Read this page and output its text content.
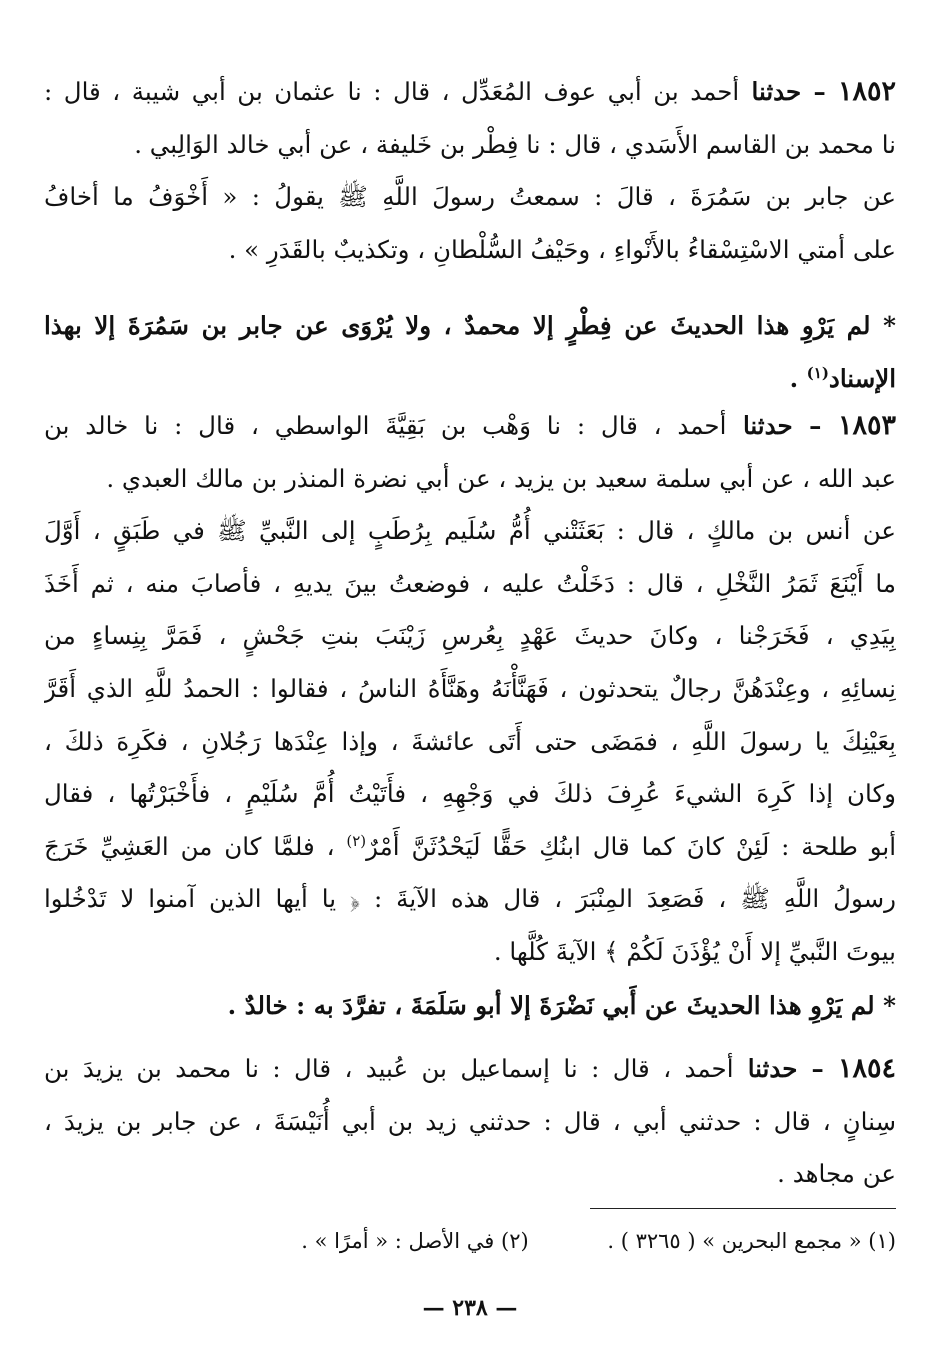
١٨٥٢ – حدثنا أحمد بن أبي عوف المُعَدِّل ، قال : نا عثمان بن أبي شيبة ، قال :
نا محمد بن القاسم الأَسَدي ، قال : نا فِطْر بن خَليفة ، عن أبي خالد الوَالِبي .
عن جابر بن سَمُرَةَ ، قالَ : سمعتُ رسولَ اللَّهِ ﷺ يقولُ : « أَخْوَفُ ما أخافُ
على أمتي الاسْتِسْقاءُ بالأَنْواءِ ، وحَيْفُ السُّلْطانِ ، وتكذيبٌ بالقَدَرِ » .
* لم يَرْوِ هذا الحديثَ عن فِطْرٍ إلا محمدٌ ، ولا يُرْوَى عن جابر بن سَمُرَةَ إلا بهذا
الإسناد$^{(١)}$ .
١٨٥٣ – حدثنا أحمد ، قال : نا وَهْب بن بَقِيَّةَ الواسطي ، قال : نا خالد بن
عبد الله ، عن أبي سلمة سعيد بن يزيد ، عن أبي نضرة المنذر بن مالك العبدي .
عن أنس بن مالكٍ ، قال : بَعَثَتْني أُمُّ سُلَيم بِرُطَبٍ إلى النَّبيِّ ﷺ في طَبَقٍ ، أَوَّلَ
ما أَيْنَعَ ثَمَرُ النَّخْلِ ، قال : دَخَلْتُ عليه ، فوضعتُ بينَ يديهِ ، فأصابَ منه ، ثم أَخَذَ
بِيَدِي ، فَخَرَجْنا ، وكانَ حديثَ عَهْدٍ بِعُرسِ زَيْنَبَ بنتِ جَحْشٍ ، فَمَرَّ بِنِساءٍ من
نِسائِهِ ، وعِنْدَهُنَّ رجالٌ يتحدثون ، فَهَنَّأْنَهُ وهَنَّأَهُ الناسُ ، فقالوا : الحمدُ للَّهِ الذي أَقَرَّ
بِعَيْنِكَ يا رسولَ اللَّهِ ، فمَضَى حتى أَتَى عائشةَ ، وإذا عِنْدَها رَجُلانِ ، فكَرِهَ ذلكَ ،
وكان إذا كَرِهَ الشيءَ عُرِفَ ذلكَ في وَجْهِهِ ، فأَتَيْتُ أُمَّ سُلَيْمٍ ، فأَخْبَرْتُها ، فقال
أبو طلحة : لَئِنْ كانَ كما قال ابنُكِ حَقًّا لَيَحْدُثَنَّ أَمْرٌ$^{(٢)}$ ، فلمَّا كان من العَشِيِّ خَرَجَ
رسولُ اللَّهِ ﷺ ، فَصَعِدَ المِنْبَرَ ، قال هذه الآيةَ : ﴿ يا أيها الذين آمنوا لا تَدْخُلوا
بيوتَ النَّبيِّ إلا أَنْ يُؤْذَنَ لَكُمْ ﴾ الآيةَ كُلَّها .
* لم يَرْوِ هذا الحديثَ عن أَبي نَضْرَةَ إلا أبو سَلَمَةَ ، تفرَّدَ به : خالدٌ .
١٨٥٤ – حدثنا أحمد ، قال : نا إسماعيل بن عُبيد ، قال : نا محمد بن يزيدَ بن
سِنانٍ ، قال : حدثني أبي ، قال : حدثني زيد بن أبي أُنَيْسَةَ ، عن جابر بن يزيدَ ،
عن مجاهد .
(١) « مجمع البحرين » ( ٣٢٦٥ ) . (٢) في الأصل : « أمرًا » .
— ٢٣٨ —
